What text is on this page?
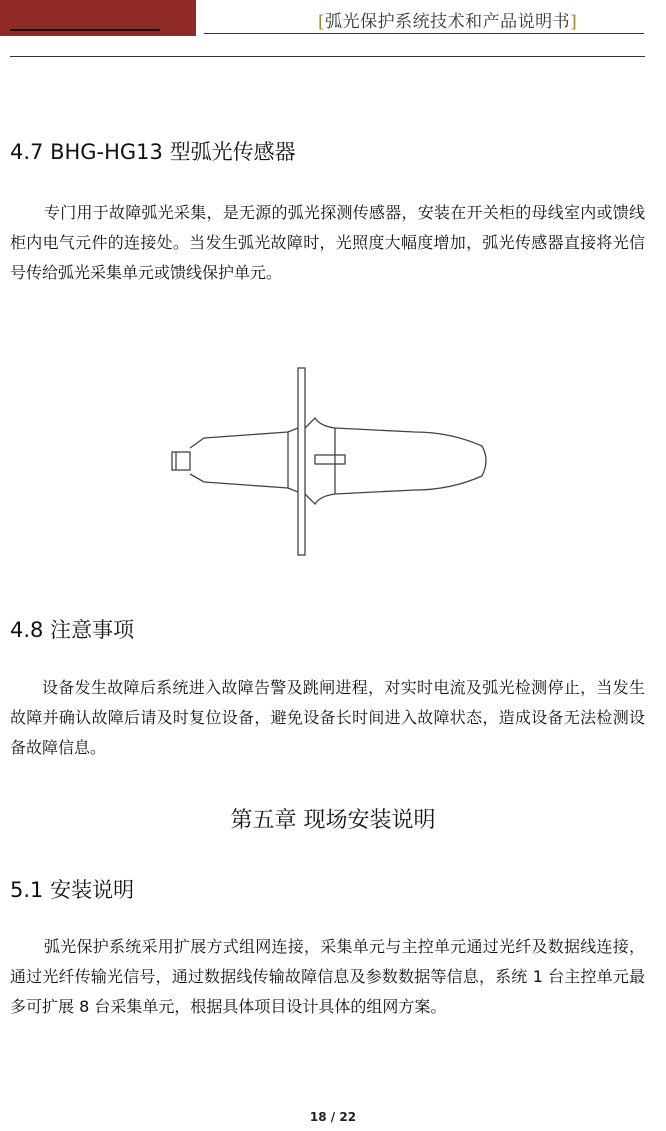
[弧光保护系统技术和产品说明书]
4.7 BHG-HG13 型弧光传感器

专门用于故障弧光采集，是无源的弧光探测传感器，安装在开关柜的母线室内或馈线柜内电气元件的连接处。当发生弧光故障时，光照度大幅度增加，弧光传感器直接将光信号传给弧光采集单元或馈线保护单元。

4.8 注意事项

设备发生故障后系统进入故障告警及跳闸进程，对实时电流及弧光检测停止，当发生故障并确认故障后请及时复位设备，避免设备长时间进入故障状态，造成设备无法检测设备故障信息。

第五章 现场安装说明
5.1 安装说明

弧光保护系统采用扩展方式组网连接，采集单元与主控单元通过光纤及数据线连接，通过光纤传输光信号，通过数据线传输故障信息及参数数据等信息，系统 1 台主控单元最多可扩展 8 台采集单元，根据具体项目设计具体的组网方案。

18 / 22
